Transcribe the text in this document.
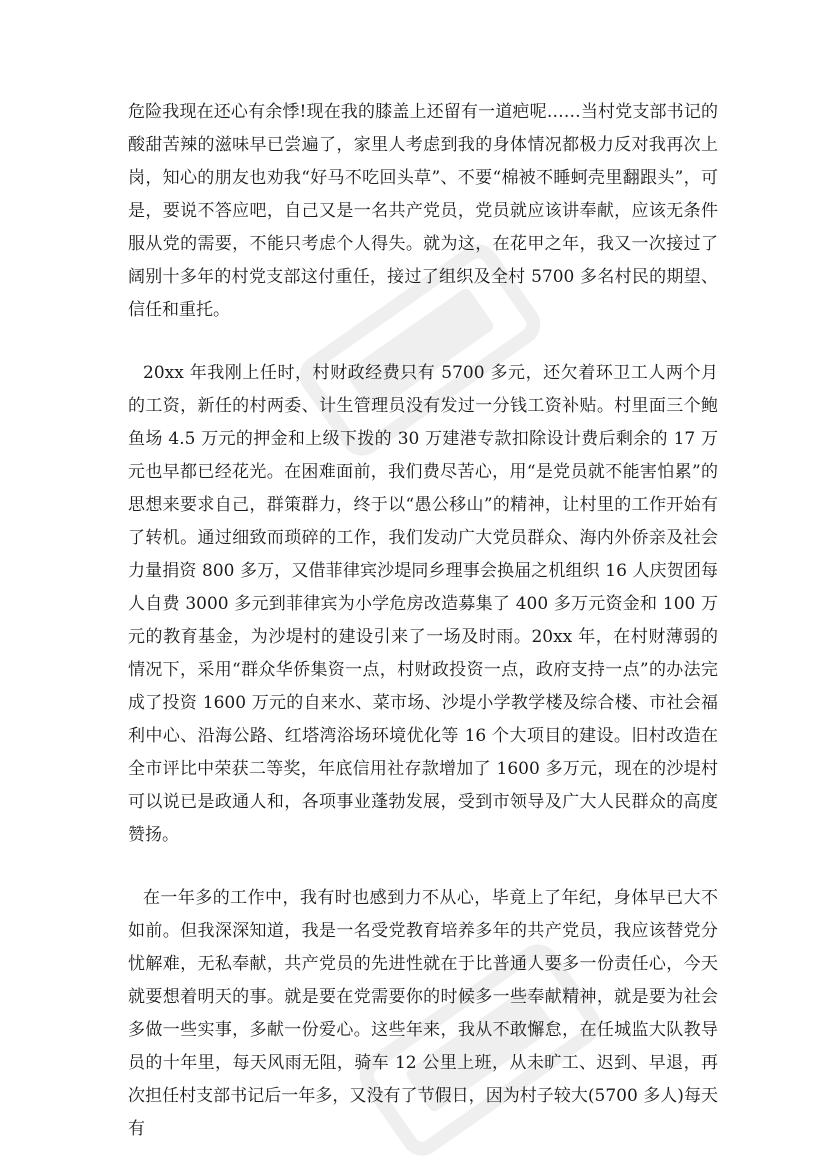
危险我现在还心有余悸!现在我的膝盖上还留有一道疤呢……当村党支部书记的酸甜苦辣的滋味早已尝遍了，家里人考虑到我的身体情况都极力反对我再次上岗，知心的朋友也劝我“好马不吃回头草”、不要“棉被不睡蚵壳里翻跟头”，可是，要说不答应吧，自己又是一名共产党员，党员就应该讲奉献，应该无条件服从党的需要，不能只考虑个人得失。就为这，在花甲之年，我又一次接过了阔别十多年的村党支部这付重任，接过了组织及全村 5700 多名村民的期望、信任和重托。

20xx 年我刚上任时，村财政经费只有 5700 多元，还欠着环卫工人两个月的工资，新任的村两委、计生管理员没有发过一分钱工资补贴。村里面三个鲍鱼场 4.5 万元的押金和上级下拨的 30 万建港专款扣除设计费后剩余的 17 万元也早都已经花光。在困难面前，我们费尽苦心，用“是党员就不能害怕累”的思想来要求自己，群策群力，终于以“愚公移山”的精神，让村里的工作开始有了转机。通过细致而琐碎的工作，我们发动广大党员群众、海内外侨亲及社会力量捐资 800 多万，又借菲律宾沙堤同乡理事会换届之机组织 16 人庆贺团每人自费 3000 多元到菲律宾为小学危房改造募集了 400 多万元资金和 100 万元的教育基金，为沙堤村的建设引来了一场及时雨。20xx 年，在村财薄弱的情况下，采用“群众华侨集资一点，村财政投资一点，政府支持一点”的办法完成了投资 1600 万元的自来水、菜市场、沙堤小学教学楼及综合楼、市社会福利中心、沿海公路、红塔湾浴场环境优化等 16 个大项目的建设。旧村改造在全市评比中荣获二等奖，年底信用社存款增加了 1600 多万元，现在的沙堤村可以说已是政通人和，各项事业蓬勃发展，受到市领导及广大人民群众的高度赞扬。

在一年多的工作中，我有时也感到力不从心，毕竟上了年纪，身体早已大不如前。但我深深知道，我是一名受党教育培养多年的共产党员，我应该替党分忧解难，无私奉献，共产党员的先进性就在于比普通人要多一份责任心，今天就要想着明天的事。就是要在党需要你的时候多一些奉献精神，就是要为社会多做一些实事，多献一份爱心。这些年来，我从不敢懈怠，在任城监大队教导员的十年里，每天风雨无阻，骑车 12 公里上班，从未旷工、迟到、早退，再次担任村支部书记后一年多，又没有了节假日，因为村子较大(5700 多人)每天有
